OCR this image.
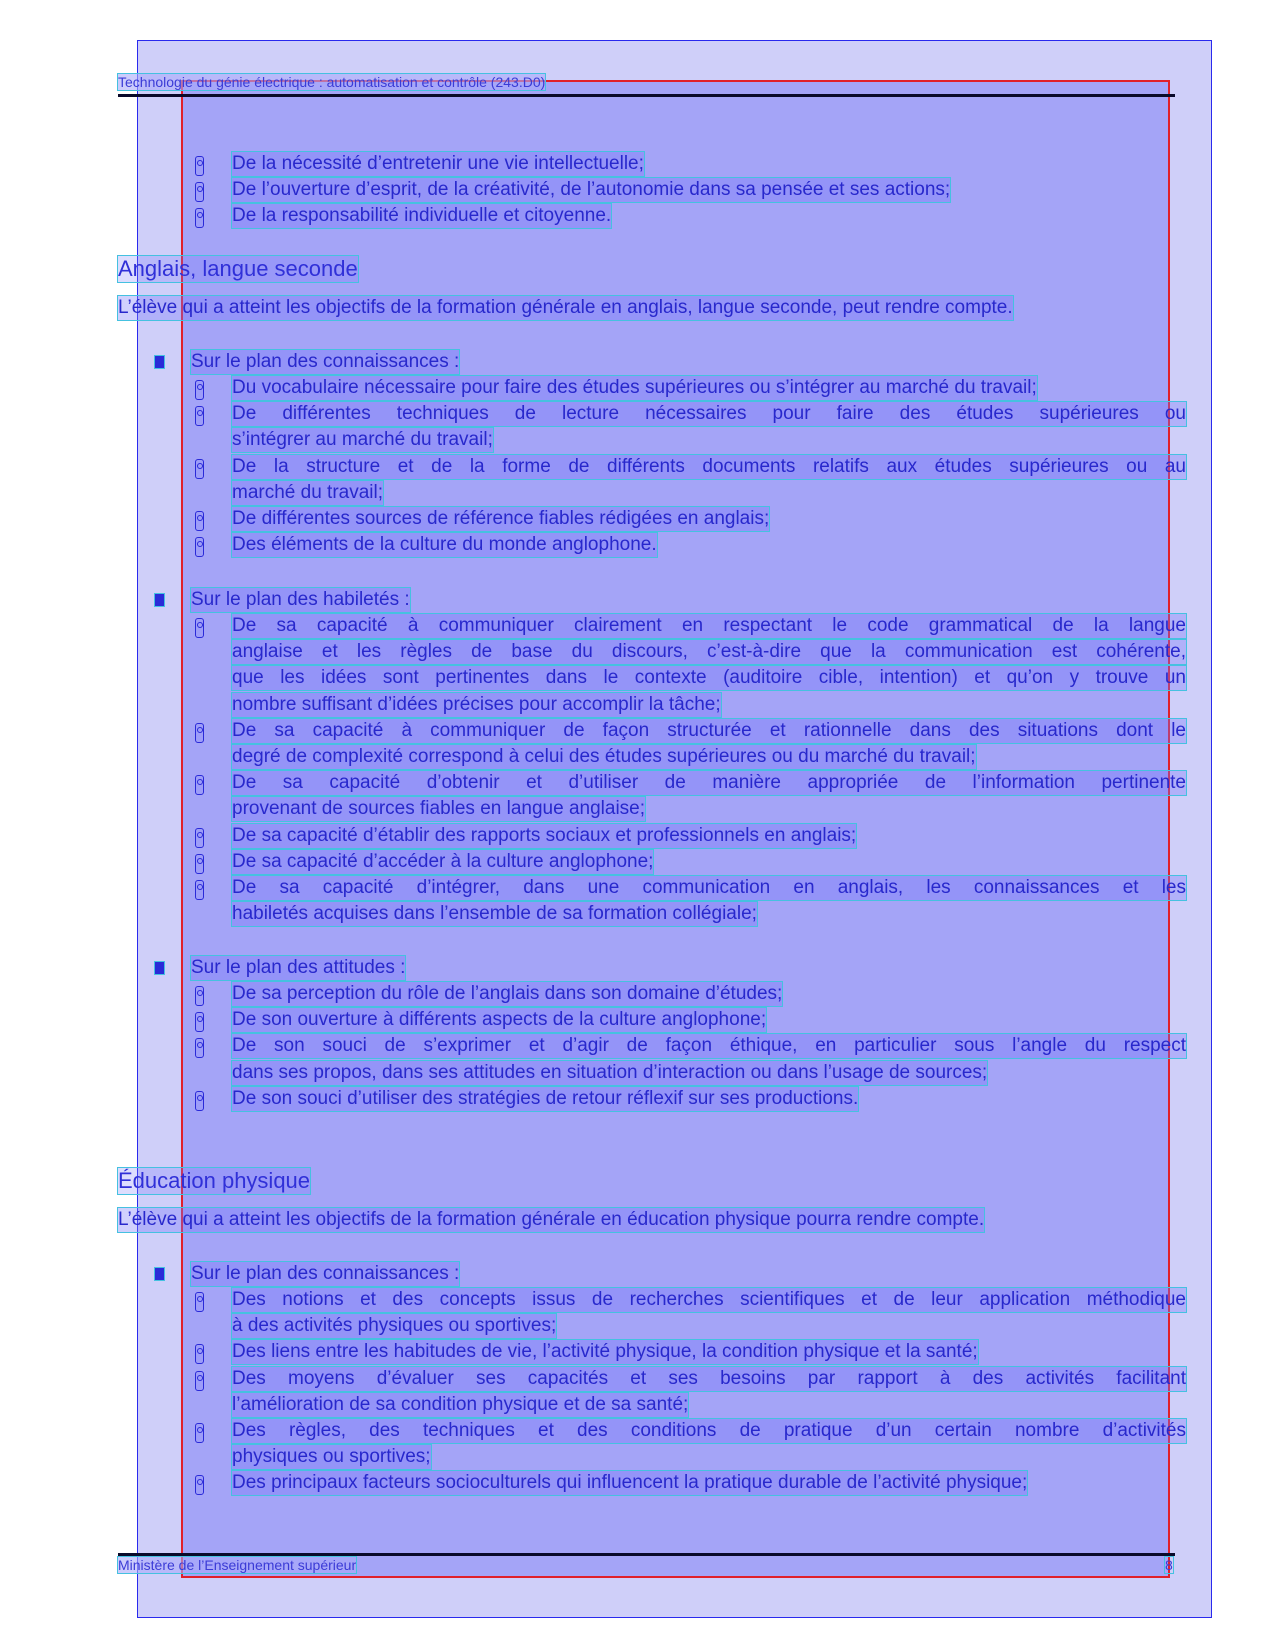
Technologie du génie électrique : automatisation et contrôle (243.D0)
De la nécessité d’entretenir une vie intellectuelle;
De l’ouverture d’esprit, de la créativité, de l’autonomie dans sa pensée et ses actions;
De la responsabilité individuelle et citoyenne.
Anglais, langue seconde
L’élève qui a atteint les objectifs de la formation générale en anglais, langue seconde, peut rendre compte.
Sur le plan des connaissances :
Du vocabulaire nécessaire pour faire des études supérieures ou s’intégrer au marché du travail;
De différentes techniques de lecture nécessaires pour faire des études supérieures ou
s’intégrer au marché du travail;
De la structure et de la forme de différents documents relatifs aux études supérieures ou au
marché du travail;
De différentes sources de référence fiables rédigées en anglais;
Des éléments de la culture du monde anglophone.
Sur le plan des habiletés :
De sa capacité à communiquer clairement en respectant le code grammatical de la langue
anglaise et les règles de base du discours, c’est-à-dire que la communication est cohérente,
que les idées sont pertinentes dans le contexte (auditoire cible, intention) et qu’on y trouve un
nombre suffisant d’idées précises pour accomplir la tâche;
De sa capacité à communiquer de façon structurée et rationnelle dans des situations dont le
degré de complexité correspond à celui des études supérieures ou du marché du travail;
De sa capacité d’obtenir et d’utiliser de manière appropriée de l’information pertinente
provenant de sources fiables en langue anglaise;
De sa capacité d’établir des rapports sociaux et professionnels en anglais;
De sa capacité d’accéder à la culture anglophone;
De sa capacité d’intégrer, dans une communication en anglais, les connaissances et les
habiletés acquises dans l’ensemble de sa formation collégiale;
Sur le plan des attitudes :
De sa perception du rôle de l’anglais dans son domaine d’études;
De son ouverture à différents aspects de la culture anglophone;
De son souci de s’exprimer et d’agir de façon éthique, en particulier sous l’angle du respect
dans ses propos, dans ses attitudes en situation d’interaction ou dans l’usage de sources;
De son souci d’utiliser des stratégies de retour réflexif sur ses productions.
Éducation physique
L’élève qui a atteint les objectifs de la formation générale en éducation physique pourra rendre compte.
Sur le plan des connaissances :
Des notions et des concepts issus de recherches scientifiques et de leur application méthodique
à des activités physiques ou sportives;
Des liens entre les habitudes de vie, l’activité physique, la condition physique et la santé;
Des moyens d’évaluer ses capacités et ses besoins par rapport à des activités facilitant
l’amélioration de sa condition physique et de sa santé;
Des règles, des techniques et des conditions de pratique d’un certain nombre d’activités
physiques ou sportives;
Des principaux facteurs socioculturels qui influencent la pratique durable de l’activité physique;
Ministère de l’Enseignement supérieur	8
